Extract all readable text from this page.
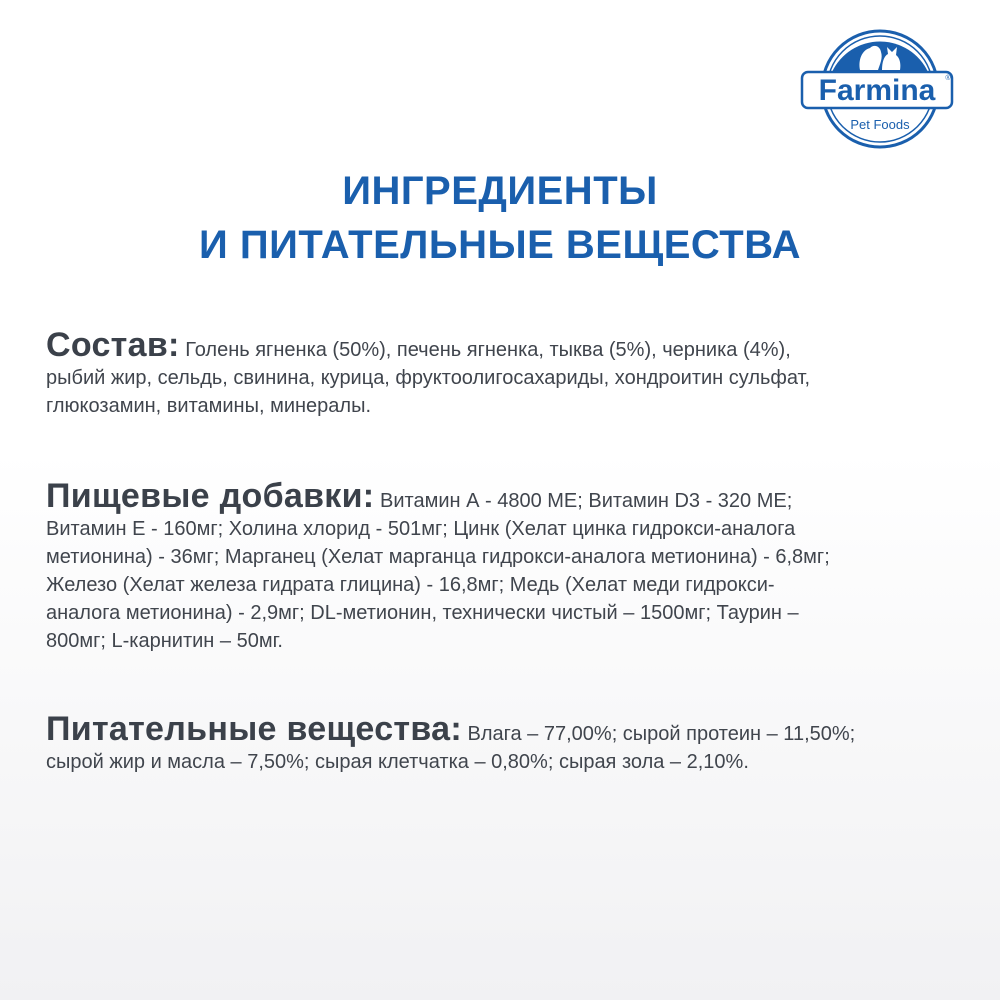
Farmina ®
Pet Foods
ИНГРЕДИЕНТЫ
И ПИТАТЕЛЬНЫЕ ВЕЩЕСТВА
Состав: Голень ягненка (50%), печень ягненка, тыква (5%), черника (4%),
рыбий жир, сельдь, свинина, курица, фруктоолигосахариды, хондроитин сульфат,
глюкозамин, витамины, минералы.
Пищевые добавки: Витамин А - 4800 МЕ; Витамин D3 - 320 МЕ;
Витамин Е - 160мг; Холина хлорид - 501мг; Цинк (Хелат цинка гидрокси-аналога
метионина) - 36мг; Марганец (Хелат марганца гидрокси-аналога метионина) - 6,8мг;
Железо (Хелат железа гидрата глицина) - 16,8мг; Медь (Хелат меди гидрокси-
аналога метионина) - 2,9мг; DL-метионин, технически чистый – 1500мг; Таурин –
800мг; L-карнитин – 50мг.
Питательные вещества: Влага – 77,00%; сырой протеин – 11,50%;
сырой жир и масла – 7,50%; сырая клетчатка – 0,80%; сырая зола – 2,10%.
